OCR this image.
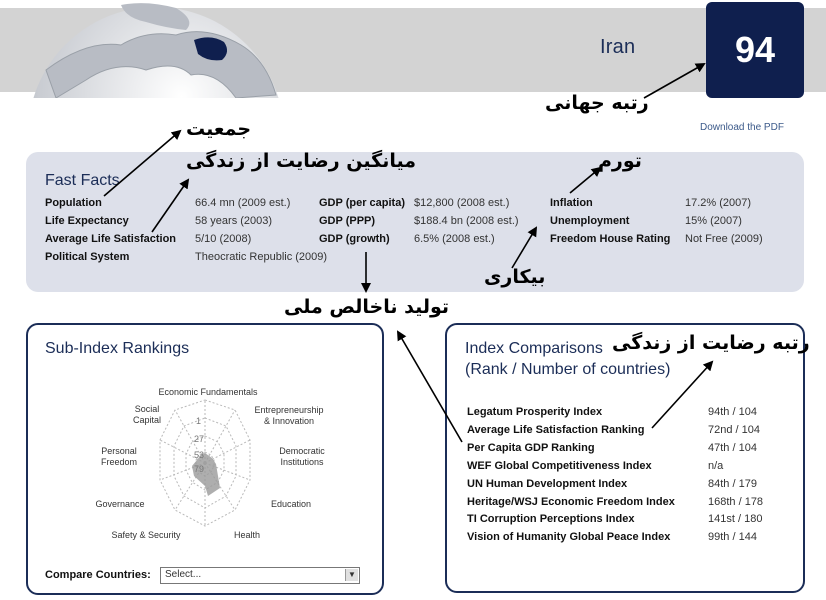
Iran	94
Download the PDF
Fast Facts
Population	66.4 mn (2009 est.)	GDP (per capita) $12,800 (2008 est.)	Inflation	17.2% (2007)
Life Expectancy	58 years (2003)	GDP (PPP)	$188.4 bn (2008 est.)	Unemployment	15% (2007)
Average Life Satisfaction 5/10 (2008)	GDP (growth) 6.5% (2008 est.)	Freedom House Rating Not Free (2009)
Political System	Theocratic Republic (2009)
Sub-Index Rankings
1
27
53
79
Economic Fundamentals
Entrepreneurship
& Innovation
Democratic
Institutions
Education
Health
Safety & Security
Governance
Personal
Freedom
Social
Capital
Compare Countries: Select...	▼
Index Comparisons
(Rank / Number of countries)
Legatum Prosperity Index	94th / 104
Average Life Satisfaction Ranking	72nd / 104
Per Capita GDP Ranking	47th / 104
WEF Global Competitiveness Index	n/a
UN Human Development Index	84th / 179
Heritage/WSJ Economic Freedom Index	168th / 178
TI Corruption Perceptions Index	141st / 180
Vision of Humanity Global Peace Index	99th / 144
رتبه جهانی
جمعیت
میانگین رضایت از زندگی	تورم
بیکاری
تولید ناخالص ملی
رتبه رضایت از زندگی
